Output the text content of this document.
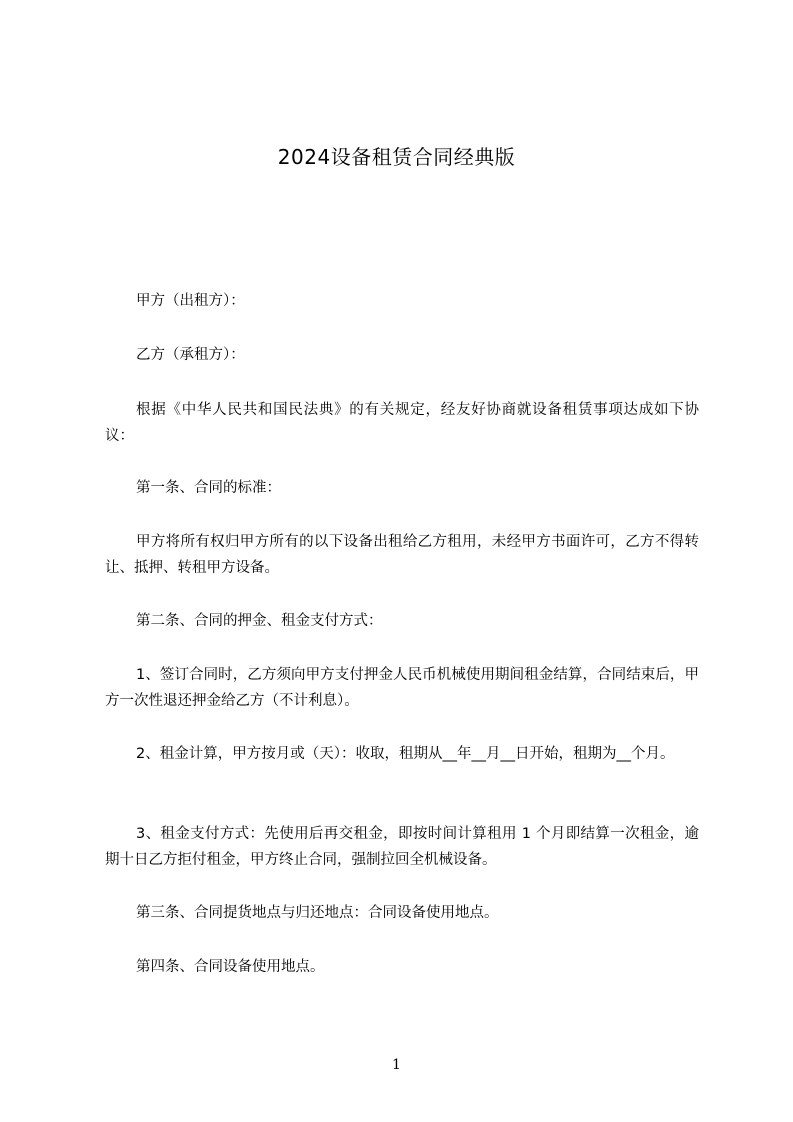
2024设备租赁合同经典版

甲方（出租方）：

乙方（承租方）：

根据《中华人民共和国民法典》的有关规定，经友好协商就设备租赁事项达成如下协议：

第一条、合同的标准：

甲方将所有权归甲方所有的以下设备出租给乙方租用，未经甲方书面许可，乙方不得转让、抵押、转租甲方设备。

第二条、合同的押金、租金支付方式：

1、签订合同时，乙方须向甲方支付押金人民币机械使用期间租金结算，合同结束后，甲方一次性退还押金给乙方（不计利息）。

2、租金计算，甲方按月或（天）：收取，租期从__年__月__日开始，租期为__个月。

3、租金支付方式：先使用后再交租金，即按时间计算租用 1 个月即结算一次租金，逾期十日乙方拒付租金，甲方终止合同，强制拉回全机械设备。

第三条、合同提货地点与归还地点：合同设备使用地点。

第四条、合同设备使用地点。

1
